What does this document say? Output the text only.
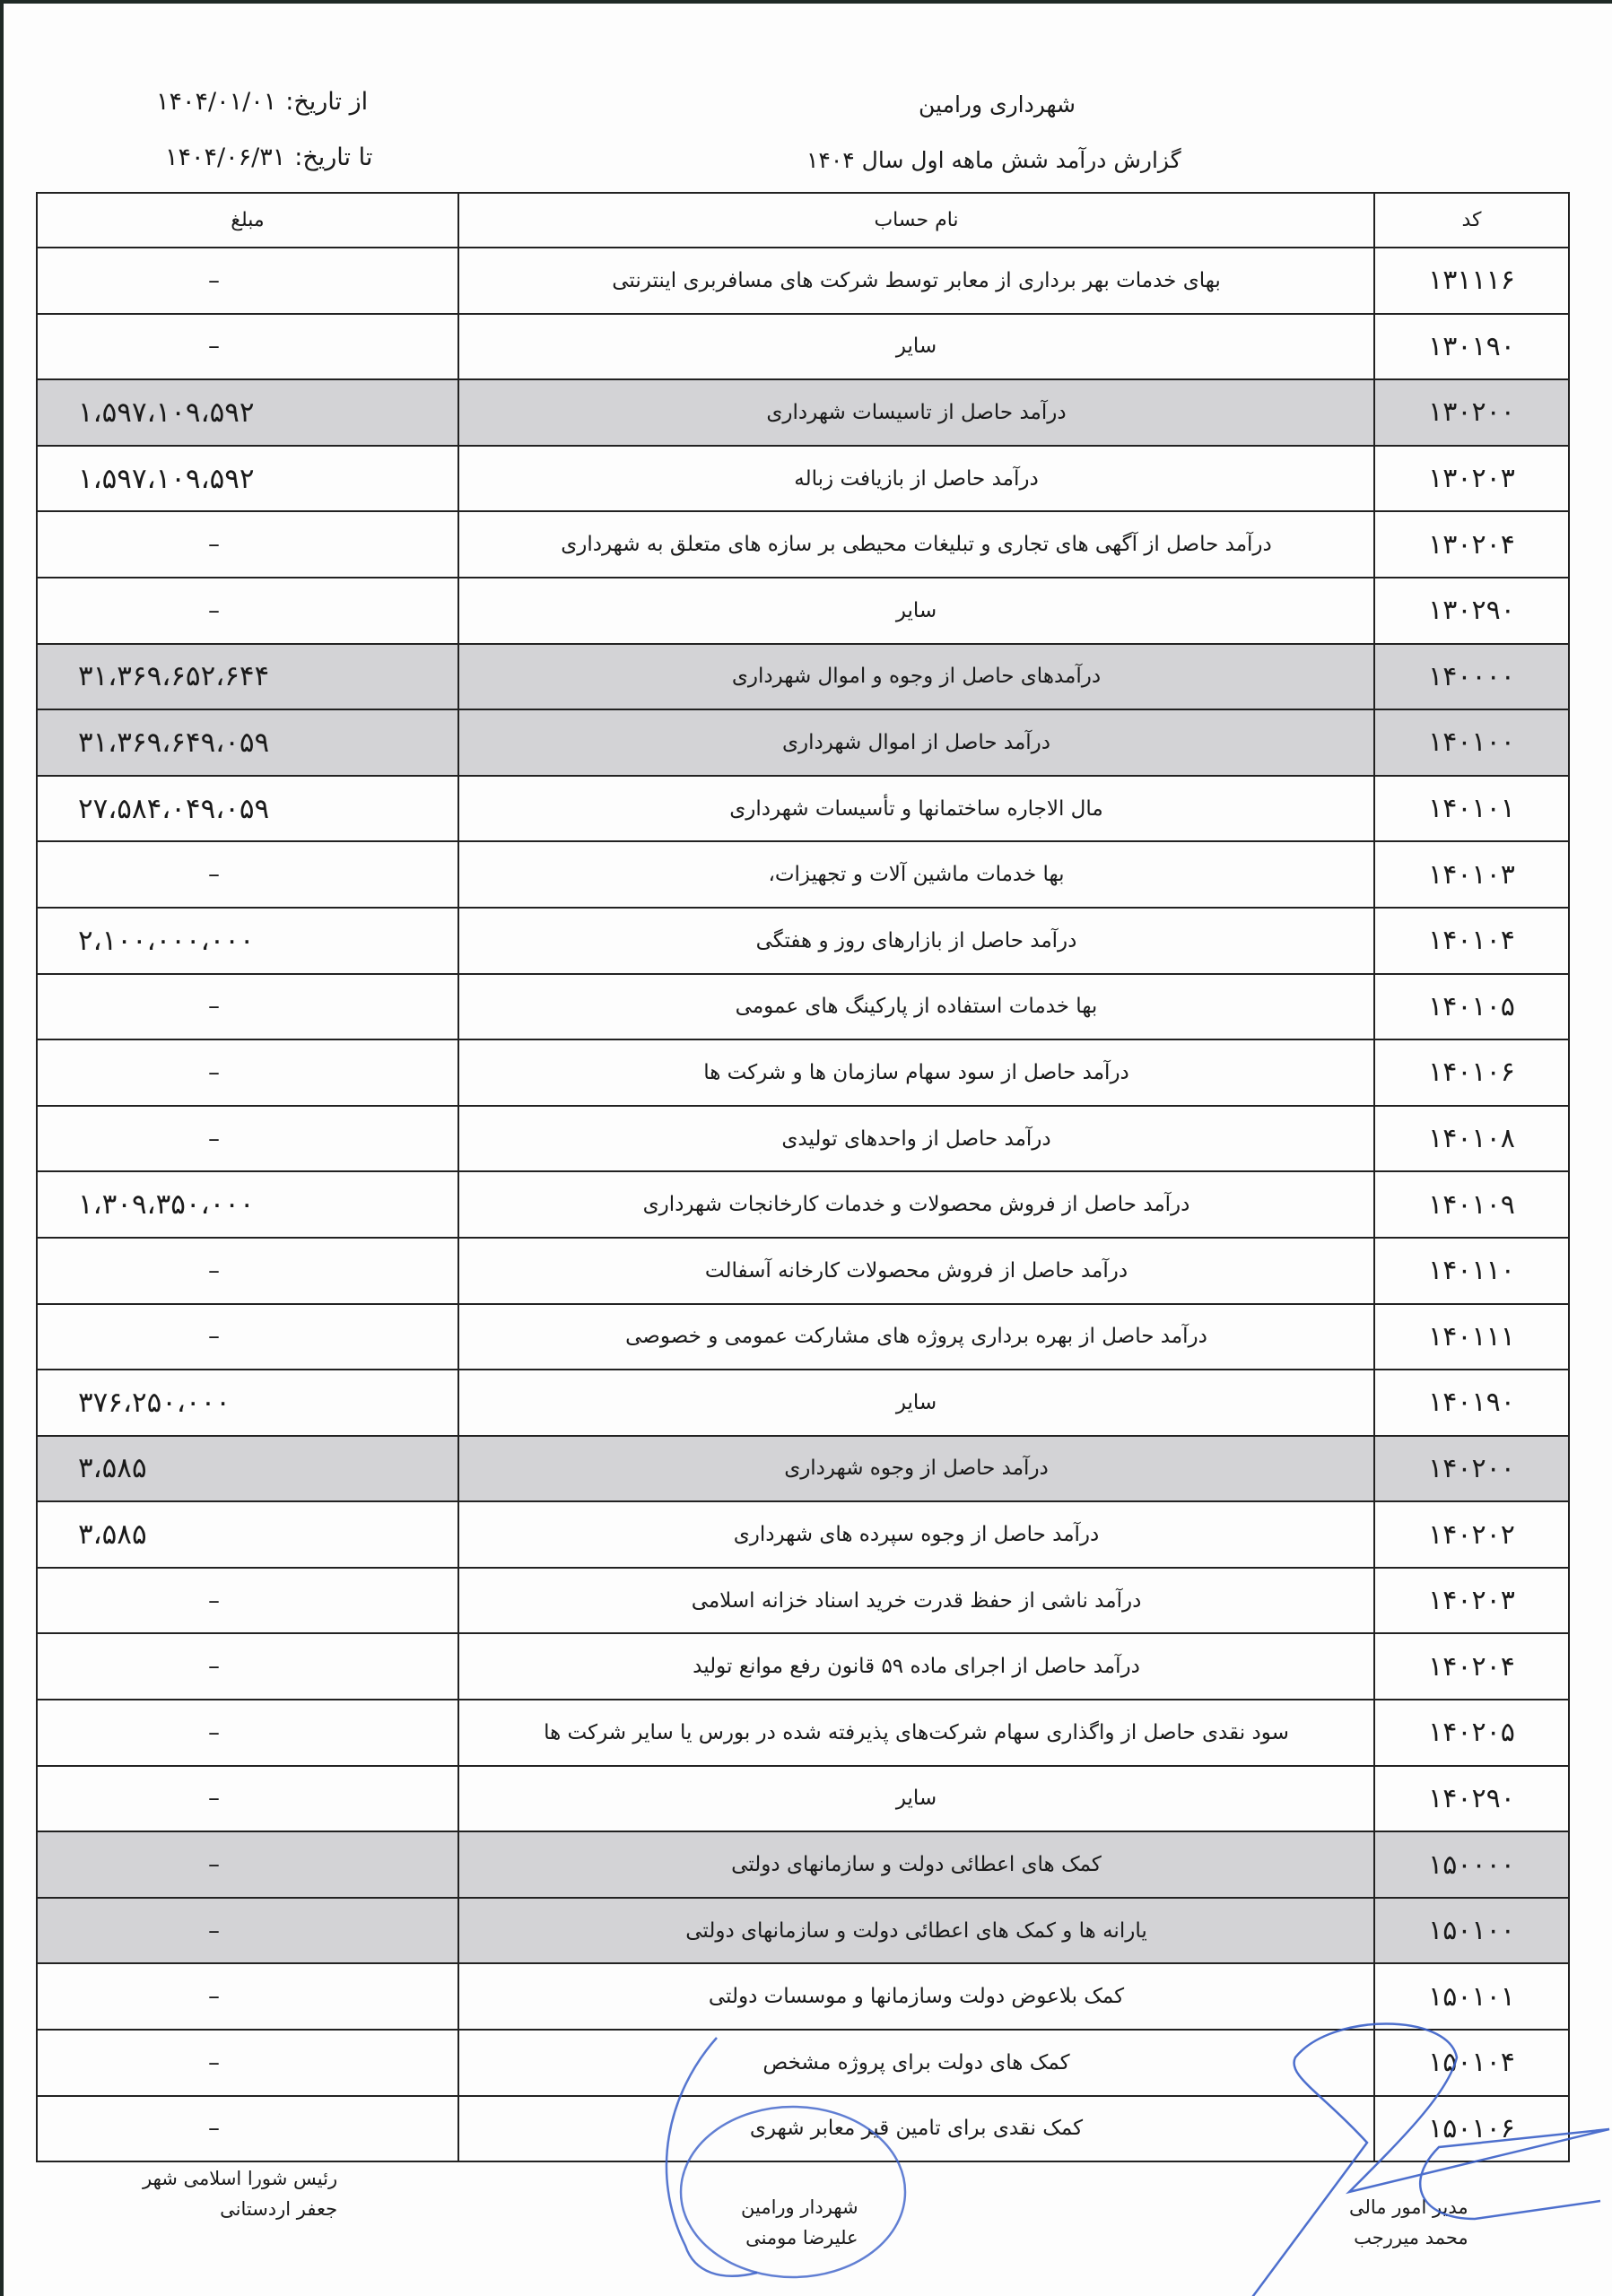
شهرداری ورامین
گزارش درآمد شش ماهه اول سال ۱۴۰۴
از تاریخ:
۱۴۰۴/۰۱/۰۱
تا تاریخ:
۱۴۰۴/۰۶/۳۱
کد	نام حساب	مبلغ
۱۳۱۱۱۶	بهای خدمات بهر برداری از معابر توسط شرکت های مسافربری اینترنتی	–
۱۳۰۱۹۰	سایر	–
۱۳۰۲۰۰	درآمد حاصل از تاسیسات شهرداری	۱،۵۹۷،۱۰۹،۵۹۲
۱۳۰۲۰۳	درآمد حاصل از بازیافت زباله	۱،۵۹۷،۱۰۹،۵۹۲
۱۳۰۲۰۴	درآمد حاصل از آگهی های تجاری و تبلیغات محیطی بر سازه های متعلق به شهرداری	–
۱۳۰۲۹۰	سایر	–
۱۴۰۰۰۰	درآمدهای حاصل از وجوه و اموال شهرداری	۳۱،۳۶۹،۶۵۲،۶۴۴
۱۴۰۱۰۰	درآمد حاصل از اموال شهرداری	۳۱،۳۶۹،۶۴۹،۰۵۹
۱۴۰۱۰۱	مال الاجاره ساختمانها و تأسیسات شهرداری	۲۷،۵۸۴،۰۴۹،۰۵۹
۱۴۰۱۰۳	بها خدمات ماشین آلات و تجهیزات،	–
۱۴۰۱۰۴	درآمد حاصل از بازارهای روز و هفتگی	۲،۱۰۰،۰۰۰،۰۰۰
۱۴۰۱۰۵	بها خدمات استفاده از پارکینگ های عمومی	–
۱۴۰۱۰۶	درآمد حاصل از سود سهام سازمان ها و شرکت ها	–
۱۴۰۱۰۸	درآمد حاصل از واحدهای تولیدی	–
۱۴۰۱۰۹	درآمد حاصل از فروش محصولات و خدمات کارخانجات شهرداری	۱،۳۰۹،۳۵۰،۰۰۰
۱۴۰۱۱۰	درآمد حاصل از فروش محصولات کارخانه آسفالت	–
۱۴۰۱۱۱	درآمد حاصل از بهره برداری پروژه های مشارکت عمومی و خصوصی	–
۱۴۰۱۹۰	سایر	۳۷۶،۲۵۰،۰۰۰
۱۴۰۲۰۰	درآمد حاصل از وجوه شهرداری	۳،۵۸۵
۱۴۰۲۰۲	درآمد حاصل از وجوه سپرده های شهرداری	۳،۵۸۵
۱۴۰۲۰۳	درآمد ناشی از حفظ قدرت خرید اسناد خزانه اسلامی	–
۱۴۰۲۰۴	درآمد حاصل از اجرای ماده ۵۹ قانون رفع موانع تولید	–
۱۴۰۲۰۵	سود نقدی حاصل از واگذاری سهام شرکت‌های پذیرفته شده در بورس یا سایر شرکت ها	–
۱۴۰۲۹۰	سایر	–
۱۵۰۰۰۰	کمک های اعطائی دولت و سازمانهای دولتی	–
۱۵۰۱۰۰	یارانه ها و کمک های اعطائی دولت و سازمانهای دولتی	–
۱۵۰۱۰۱	کمک بلاعوض دولت وسازمانها و موسسات دولتی	–
۱۵۰۱۰۴	کمک های دولت برای پروژه مشخص	–
۱۵۰۱۰۶	کمک نقدی برای تامین قیر معابر شهری	–
رئیس شورا اسلامی شهر
جعفر اردستانی	شهردار ورامین
علیرضا مومنی
مدیر امور مالی
محمد میررجب
